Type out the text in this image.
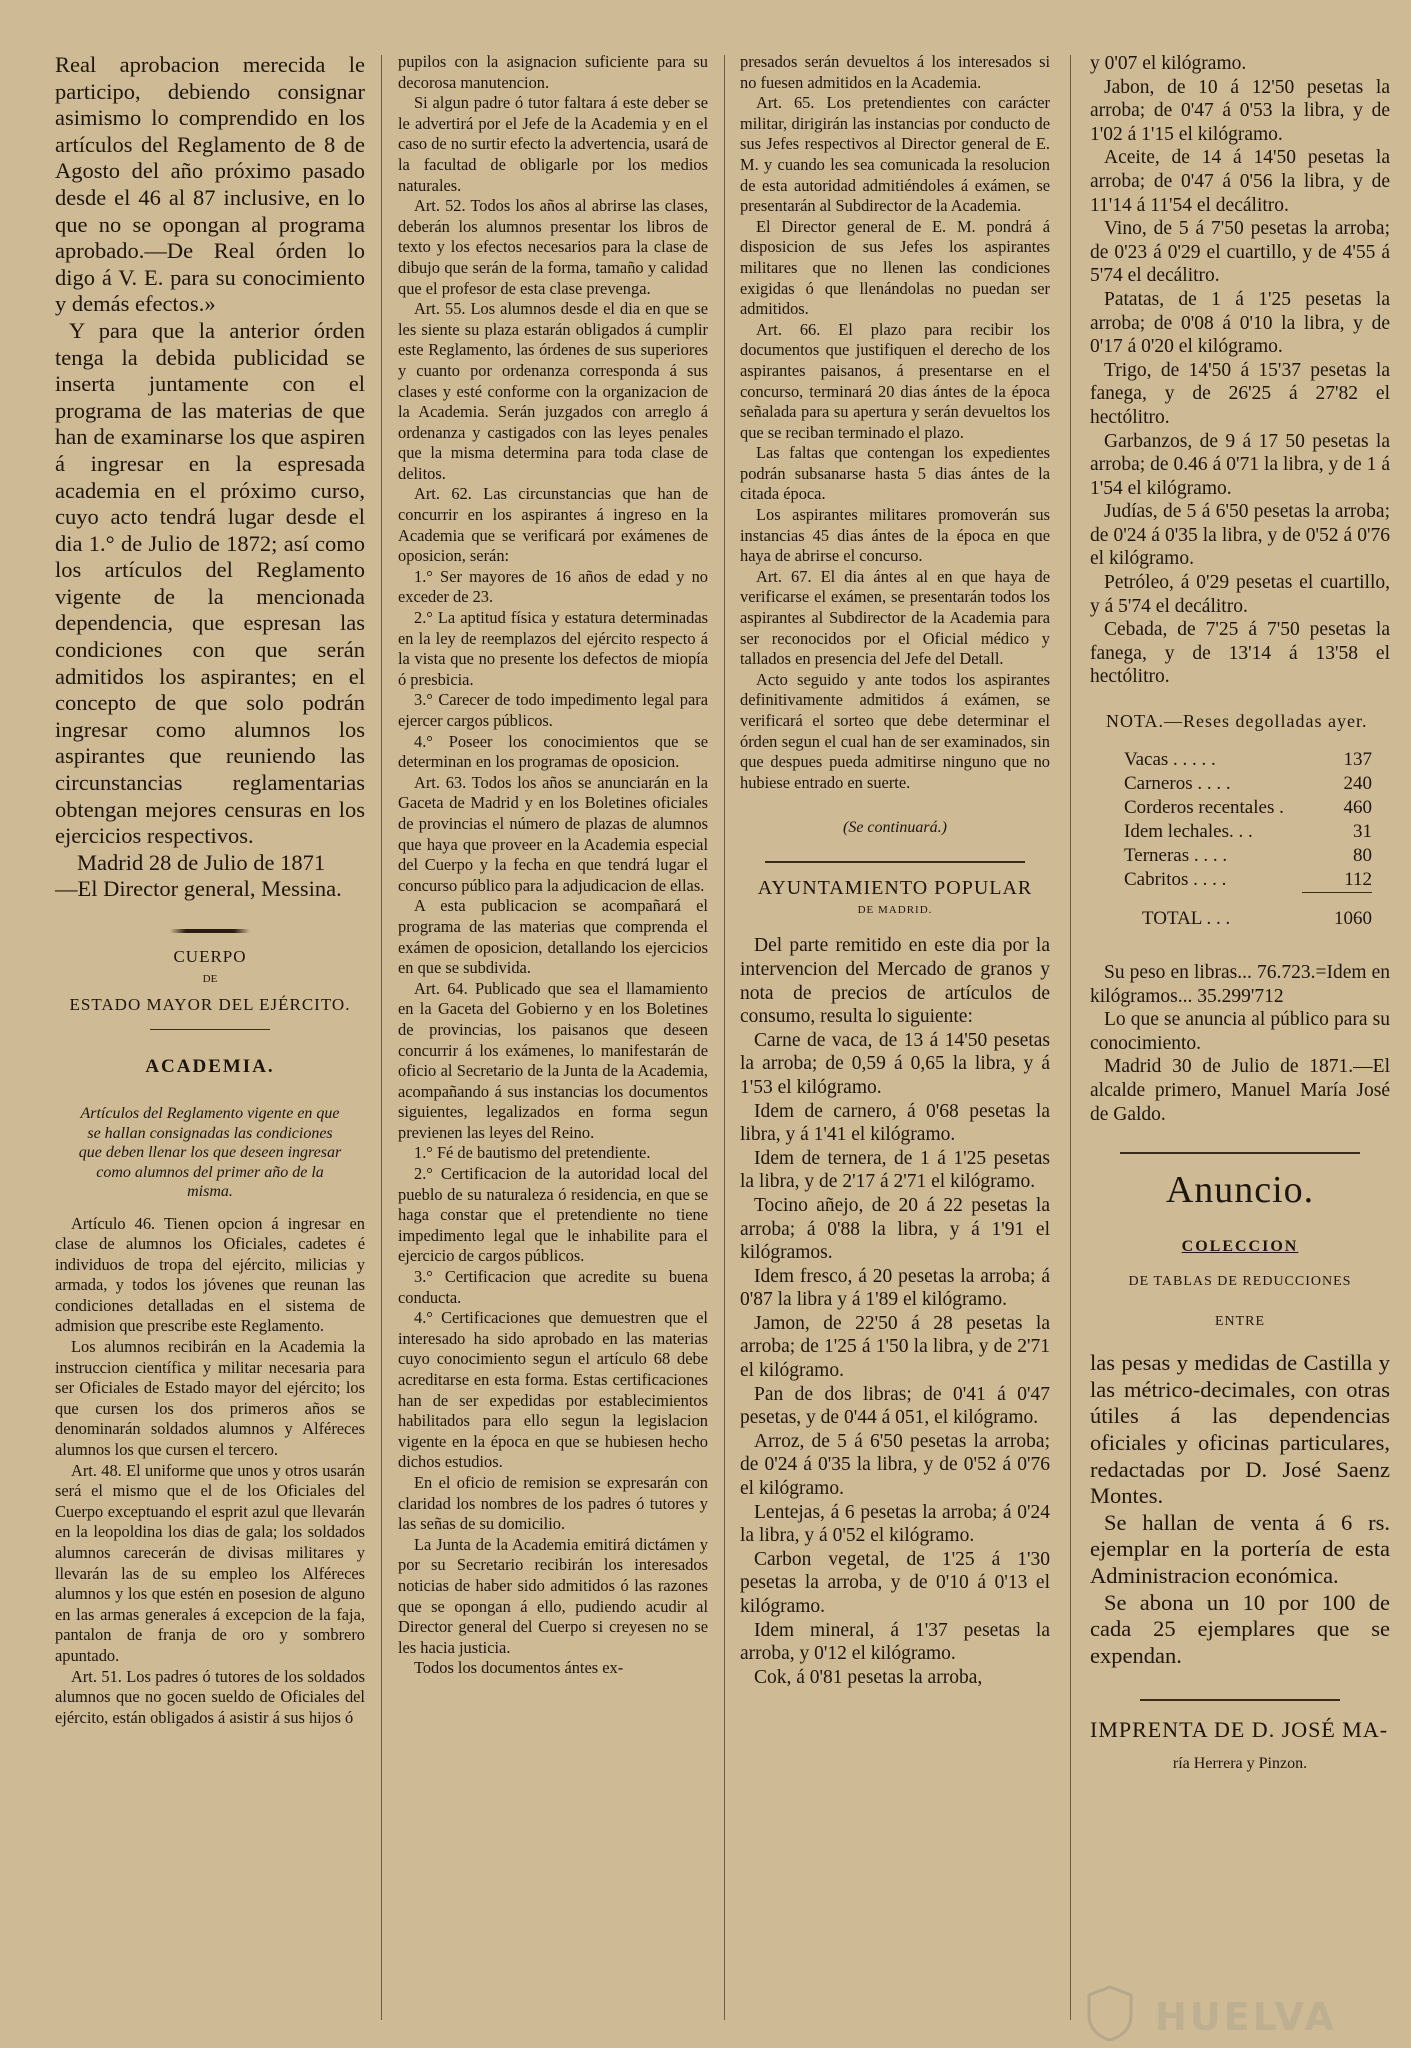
Real aprobacion merecida le participo, debiendo consignar asimismo lo comprendido en los artículos del Reglamento de 8 de Agosto del año próximo pasado desde el 46 al 87 inclusive, en lo que no se opongan al programa aprobado.—De Real órden lo digo á V. E. para su conocimiento y demás efectos.»

Y para que la anterior órden tenga la debida publicidad se inserta juntamente con el programa de las materias de que han de examinarse los que aspiren á ingresar en la espresada academia en el próximo curso, cuyo acto tendrá lugar desde el dia 1.° de Julio de 1872; así como los artículos del Reglamento vigente de la mencionada dependencia, que espresan las condiciones con que serán admitidos los aspirantes; en el concepto de que solo podrán ingresar como alumnos los aspirantes que reuniendo las circunstancias reglamentarias obtengan mejores censuras en los ejercicios respectivos.

Madrid 28 de Julio de 1871

—El Director general, Messina.

CUERPO
DE
ESTADO MAYOR DEL EJÉRCITO.
ACADEMIA.
Artículos del Reglamento vigente en que se hallan consignadas las condiciones que deben llenar los que deseen ingresar como alumnos del primer año de la misma.

Artículo 46. Tienen opcion á ingresar en clase de alumnos los Oficiales, cadetes é individuos de tropa del ejército, milicias y armada, y todos los jóvenes que reunan las condiciones detalladas en el sistema de admision que prescribe este Reglamento.

Los alumnos recibirán en la Academia la instruccion científica y militar necesaria para ser Oficiales de Estado mayor del ejército; los que cursen los dos primeros años se denominarán soldados alumnos y Alféreces alumnos los que cursen el tercero.

Art. 48. El uniforme que unos y otros usarán será el mismo que el de los Oficiales del Cuerpo exceptuando el esprit azul que llevarán en la leopoldina los dias de gala; los soldados alumnos carecerán de divisas militares y llevarán las de su empleo los Alféreces alumnos y los que estén en posesion de alguno en las armas generales á excepcion de la faja, pantalon de franja de oro y sombrero apuntado.

Art. 51. Los padres ó tutores de los soldados alumnos que no gocen sueldo de Oficiales del ejército, están obligados á asistir á sus hijos ó

pupilos con la asignacion suficiente para su decorosa manutencion.

Si algun padre ó tutor faltara á este deber se le advertirá por el Jefe de la Academia y en el caso de no surtir efecto la advertencia, usará de la facultad de obligarle por los medios naturales.

Art. 52. Todos los años al abrirse las clases, deberán los alumnos presentar los libros de texto y los efectos necesarios para la clase de dibujo que serán de la forma, tamaño y calidad que el profesor de esta clase prevenga.

Art. 55. Los alumnos desde el dia en que se les siente su plaza estarán obligados á cumplir este Reglamento, las órdenes de sus superiores y cuanto por ordenanza corresponda á sus clases y esté conforme con la organizacion de la Academia. Serán juzgados con arreglo á ordenanza y castigados con las leyes penales que la misma determina para toda clase de delitos.

Art. 62. Las circunstancias que han de concurrir en los aspirantes á ingreso en la Academia que se verificará por exámenes de oposicion, serán:

1.° Ser mayores de 16 años de edad y no exceder de 23.

2.° La aptitud física y estatura determinadas en la ley de reemplazos del ejército respecto á la vista que no presente los defectos de miopía ó presbicia.

3.° Carecer de todo impedimento legal para ejercer cargos públicos.

4.° Poseer los conocimientos que se determinan en los programas de oposicion.

Art. 63. Todos los años se anunciarán en la Gaceta de Madrid y en los Boletines oficiales de provincias el número de plazas de alumnos que haya que proveer en la Academia especial del Cuerpo y la fecha en que tendrá lugar el concurso público para la adjudicacion de ellas.

A esta publicacion se acompañará el programa de las materias que comprenda el exámen de oposicion, detallando los ejercicios en que se subdivida.

Art. 64. Publicado que sea el llamamiento en la Gaceta del Gobierno y en los Boletines de provincias, los paisanos que deseen concurrir á los exámenes, lo manifestarán de oficio al Secretario de la Junta de la Academia, acompañando á sus instancias los documentos siguientes, legalizados en forma segun previenen las leyes del Reino.

1.° Fé de bautismo del pretendiente.

2.° Certificacion de la autoridad local del pueblo de su naturaleza ó residencia, en que se haga constar que el pretendiente no tiene impedimento legal que le inhabilite para el ejercicio de cargos públicos.

3.° Certificacion que acredite su buena conducta.

4.° Certificaciones que demuestren que el interesado ha sido aprobado en las materias cuyo conocimiento segun el artículo 68 debe acreditarse en esta forma. Estas certificaciones han de ser expedidas por establecimientos habilitados para ello segun la legislacion vigente en la época en que se hubiesen hecho dichos estudios.

En el oficio de remision se expresarán con claridad los nombres de los padres ó tutores y las señas de su domicilio.

La Junta de la Academia emitirá dictámen y por su Secretario recibirán los interesados noticias de haber sido admitidos ó las razones que se opongan á ello, pudiendo acudir al Director general del Cuerpo si creyesen no se les hacia justicia.

Todos los documentos ántes ex-

presados serán devueltos á los interesados si no fuesen admitidos en la Academia.

Art. 65. Los pretendientes con carácter militar, dirigirán las instancias por conducto de sus Jefes respectivos al Director general de E. M. y cuando les sea comunicada la resolucion de esta autoridad admitiéndoles á exámen, se presentarán al Subdirector de la Academia.

El Director general de E. M. pondrá á disposicion de sus Jefes los aspirantes militares que no llenen las condiciones exigidas ó que llenándolas no puedan ser admitidos.

Art. 66. El plazo para recibir los documentos que justifiquen el derecho de los aspirantes paisanos, á presentarse en el concurso, terminará 20 dias ántes de la época señalada para su apertura y serán devueltos los que se reciban terminado el plazo.

Las faltas que contengan los expedientes podrán subsanarse hasta 5 dias ántes de la citada época.

Los aspirantes militares promoverán sus instancias 45 dias ántes de la época en que haya de abrirse el concurso.

Art. 67. El dia ántes al en que haya de verificarse el exámen, se presentarán todos los aspirantes al Subdirector de la Academia para ser reconocidos por el Oficial médico y tallados en presencia del Jefe del Detall.

Acto seguido y ante todos los aspirantes definitivamente admitidos á exámen, se verificará el sorteo que debe determinar el órden segun el cual han de ser examinados, sin que despues pueda admitirse ninguno que no hubiese entrado en suerte.

(Se continuará.)
AYUNTAMIENTO POPULAR
DE MADRID.

Del parte remitido en este dia por la intervencion del Mercado de granos y nota de precios de artículos de consumo, resulta lo siguiente:

Carne de vaca, de 13 á 14'50 pesetas la arroba; de 0,59 á 0,65 la libra, y á 1'53 el kilógramo.

Idem de carnero, á 0'68 pesetas la libra, y á 1'41 el kilógramo.

Idem de ternera, de 1 á 1'25 pesetas la libra, y de 2'17 á 2'71 el kilógramo.

Tocino añejo, de 20 á 22 pesetas la arroba; á 0'88 la libra, y á 1'91 el kilógramos.

Idem fresco, á 20 pesetas la arroba; á 0'87 la libra y á 1'89 el kilógramo.

Jamon, de 22'50 á 28 pesetas la arroba; de 1'25 á 1'50 la libra, y de 2'71 el kilógramo.

Pan de dos libras; de 0'41 á 0'47 pesetas, y de 0'44 á 051, el kilógramo.

Arroz, de 5 á 6'50 pesetas la arroba; de 0'24 á 0'35 la libra, y de 0'52 á 0'76 el kilógramo.

Lentejas, á 6 pesetas la arroba; á 0'24 la libra, y á 0'52 el kilógramo.

Carbon vegetal, de 1'25 á 1'30 pesetas la arroba, y de 0'10 á 0'13 el kilógramo.

Idem mineral, á 1'37 pesetas la arroba, y 0'12 el kilógramo.

Cok, á 0'81 pesetas la arroba,

y 0'07 el kilógramo.

Jabon, de 10 á 12'50 pesetas la arroba; de 0'47 á 0'53 la libra, y de 1'02 á 1'15 el kilógramo.

Aceite, de 14 á 14'50 pesetas la arroba; de 0'47 á 0'56 la libra, y de 11'14 á 11'54 el decálitro.

Vino, de 5 á 7'50 pesetas la arroba; de 0'23 á 0'29 el cuartillo, y de 4'55 á 5'74 el decálitro.

Patatas, de 1 á 1'25 pesetas la arroba; de 0'08 á 0'10 la libra, y de 0'17 á 0'20 el kilógramo.

Trigo, de 14'50 á 15'37 pesetas la fanega, y de 26'25 á 27'82 el hectólitro.

Garbanzos, de 9 á 17 50 pesetas la arroba; de 0.46 á 0'71 la libra, y de 1 á 1'54 el kilógramo.

Judías, de 5 á 6'50 pesetas la arroba; de 0'24 á 0'35 la libra, y de 0'52 á 0'76 el kilógramo.

Petróleo, á 0'29 pesetas el cuartillo, y á 5'74 el decálitro.

Cebada, de 7'25 á 7'50 pesetas la fanega, y de 13'14 á 13'58 el hectólitro.

NOTA.—Reses degolladas ayer.
Vacas . . . . .	137
Carneros . . . .	240
Corderos recentales .	460
Idem lechales. . .	31
Terneras . . . .	80
Cabritos . . . .	112
TOTAL . . .	1060

Su peso en libras... 76.723.=Idem en kilógramos... 35.299'712

Lo que se anuncia al público para su conocimiento.

Madrid 30 de Julio de 1871.—El alcalde primero, Manuel María José de Galdo.

Anuncio.
COLECCION
DE TABLAS DE REDUCCIONES
ENTRE

las pesas y medidas de Castilla y las métrico-decimales, con otras útiles á las dependencias oficiales y oficinas particulares, redactadas por D. José Saenz Montes.

Se hallan de venta á 6 rs. ejemplar en la portería de esta Administracion económica.

Se abona un 10 por 100 de cada 25 ejemplares que se expendan.

IMPRENTA DE D. JOSÉ MA-
ría Herrera y Pinzon.
HUELVA
